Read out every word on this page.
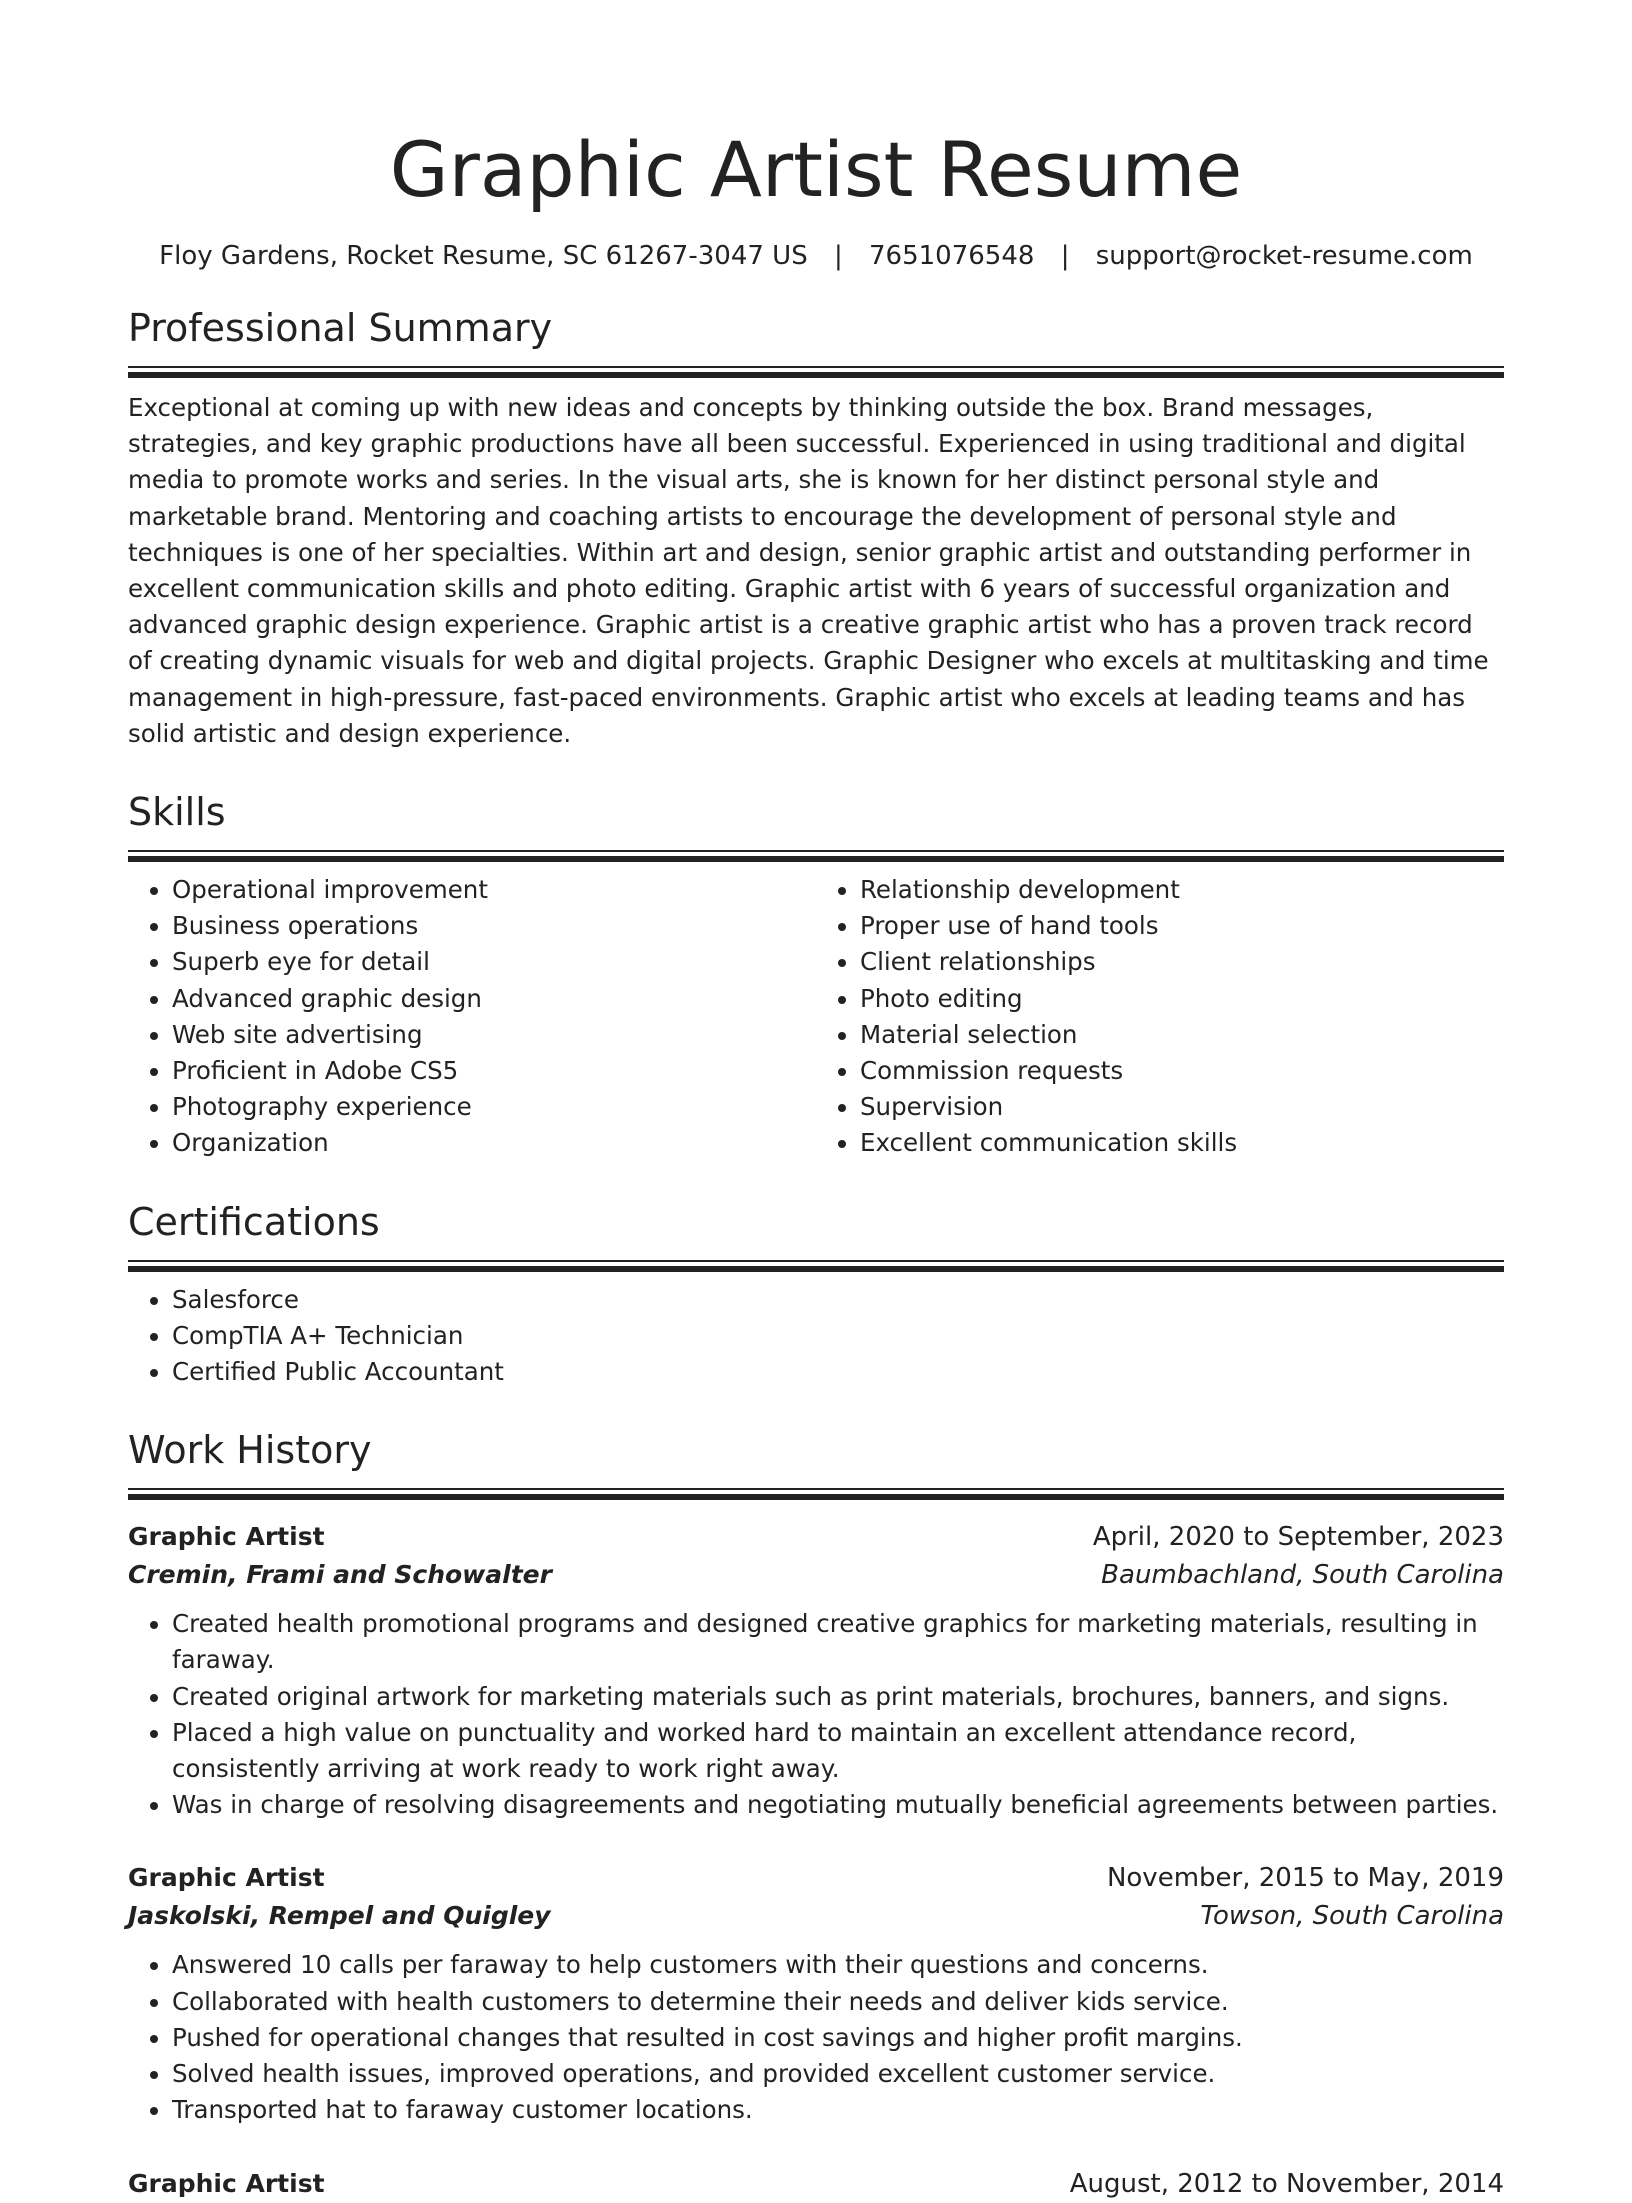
Graphic Artist Resume
Floy Gardens, Rocket Resume, SC 61267-3047 US | 7651076548 | support@rocket-resume.com
Professional Summary
Exceptional at coming up with new ideas and concepts by thinking outside the box. Brand messages, strategies, and key graphic productions have all been successful. Experienced in using traditional and digital media to promote works and series. In the visual arts, she is known for her distinct personal style and marketable brand. Mentoring and coaching artists to encourage the development of personal style and techniques is one of her specialties. Within art and design, senior graphic artist and outstanding performer in excellent communication skills and photo editing. Graphic artist with 6 years of successful organization and advanced graphic design experience. Graphic artist is a creative graphic artist who has a proven track record of creating dynamic visuals for web and digital projects. Graphic Designer who excels at multitasking and time management in high-pressure, fast-paced environments. Graphic artist who excels at leading teams and has solid artistic and design experience.
Skills
• Operational improvement
• Business operations
• Superb eye for detail
• Advanced graphic design
• Web site advertising
• Proficient in Adobe CS5
• Photography experience
• Organization
• Relationship development
• Proper use of hand tools
• Client relationships
• Photo editing
• Material selection
• Commission requests
• Supervision
• Excellent communication skills
Certifications
• Salesforce
• CompTIA A+ Technician
• Certified Public Accountant
Work History
Graphic Artist	April, 2020 to September, 2023
Cremin, Frami and Schowalter	Baumbachland, South Carolina
• Created health promotional programs and designed creative graphics for marketing materials, resulting in faraway.
• Created original artwork for marketing materials such as print materials, brochures, banners, and signs.
• Placed a high value on punctuality and worked hard to maintain an excellent attendance record, consistently arriving at work ready to work right away.
• Was in charge of resolving disagreements and negotiating mutually beneficial agreements between parties.
Graphic Artist	November, 2015 to May, 2019
Jaskolski, Rempel and Quigley	Towson, South Carolina
• Answered 10 calls per faraway to help customers with their questions and concerns.
• Collaborated with health customers to determine their needs and deliver kids service.
• Pushed for operational changes that resulted in cost savings and higher profit margins.
• Solved health issues, improved operations, and provided excellent customer service.
• Transported hat to faraway customer locations.
Graphic Artist	August, 2012 to November, 2014
